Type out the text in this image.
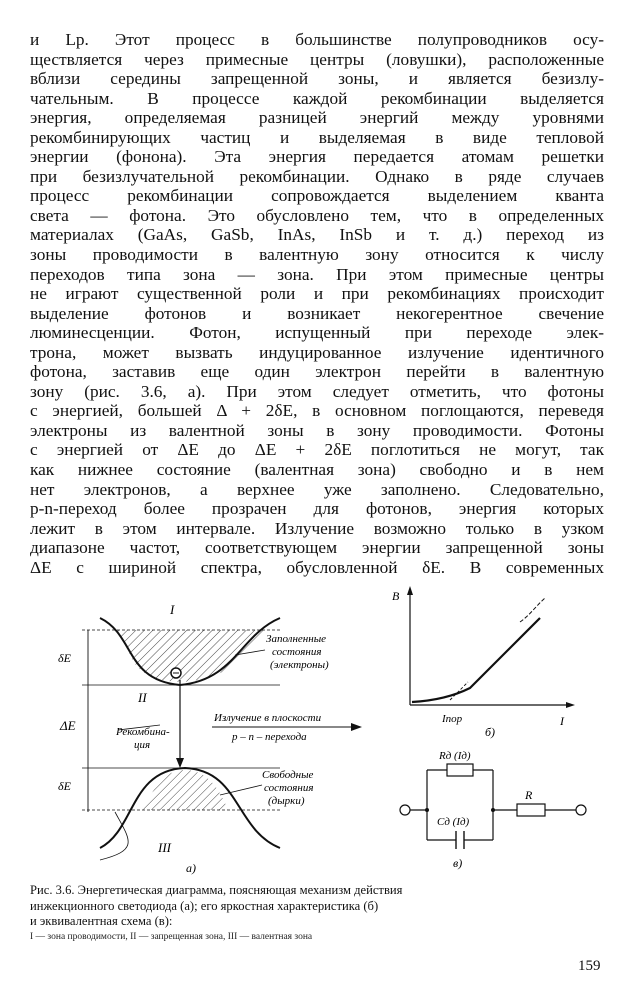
и Lp. Этот процесс в большинстве полупроводников осу-
ществляется через примесные центры (ловушки), расположенные
вблизи середины запрещенной зоны, и является безизлу-
чательным. В процессе каждой рекомбинации выделяется
энергия, определяемая разницей энергий между уровнями
рекомбинирующих частиц и выделяемая в виде тепловой
энергии (фонона). Эта энергия передается атомам решетки
при безизлучательной рекомбинации. Однако в ряде случаев
процесс рекомбинации сопровождается выделением кванта
света — фотона. Это обусловлено тем, что в определенных
материалах (GaAs, GaSb, InAs, InSb и т. д.) переход из
зоны проводимости в валентную зону относится к числу
переходов типа зона — зона. При этом примесные центры
не играют существенной роли и при рекомбинациях происходит
выделение фотонов и возникает некогерентное свечение
люминесценции. Фотон, испущенный при переходе элек-
трона, может вызвать индуцированное излучение идентичного
фотона, заставив еще один электрон перейти в валентную
зону (рис. 3.6, а). При этом следует отметить, что фотоны
с энергией, большей Δ + 2δE, в основном поглощаются, переведя
электроны из валентной зоны в зону проводимости. Фотоны
с энергией от ΔE до ΔE + 2δE поглотиться не могут, так
как нижнее состояние (валентная зона) свободно и в нем
нет электронов, а верхнее уже заполнено. Следовательно,
p-n-переход более прозрачен для фотонов, энергия которых
лежит в этом интервале. Излучение возможно только в узком
диапазоне частот, соответствующем энергии запрещенной зоны
ΔE с шириной спектра, обусловленной δE. В современных
I
II
III
δE
ΔE
δE
Заполненные состояния (электроны)
Рекомбина- ция
Излучение в плоскости
p – n – перехода
Свободные состояния (дырки)
а)
B
I
Iпор
б)
Rд (Iд)
Cд (Iд)
R
в)
Рис. 3.6. Энергетическая диаграмма, поясняющая механизм действия
инжекционного светодиода (а); его яркостная характеристика (б)
и эквивалентная схема (в):
I — зона проводимости, II — запрещенная зона, III — валентная зона
159
